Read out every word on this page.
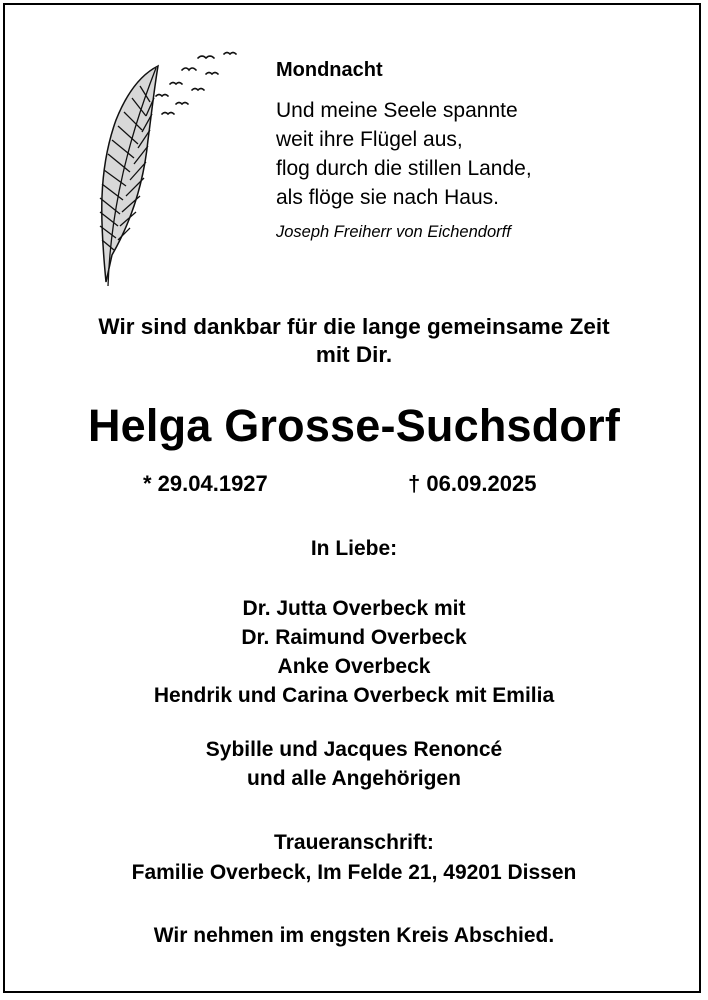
Mondnacht
Und meine Seele spannte
weit ihre Flügel aus,
flog durch die stillen Lande,
als flöge sie nach Haus.
Joseph Freiherr von Eichendorff
Wir sind dankbar für die lange gemeinsame Zeit
mit Dir.
Helga Grosse-Suchsdorf
* 29.04.1927	† 06.09.2025
In Liebe:
Dr. Jutta Overbeck mit
Dr. Raimund Overbeck
Anke Overbeck
Hendrik und Carina Overbeck mit Emilia
Sybille und Jacques Renoncé
und alle Angehörigen
Traueranschrift:
Familie Overbeck, Im Felde 21, 49201 Dissen
Wir nehmen im engsten Kreis Abschied.
